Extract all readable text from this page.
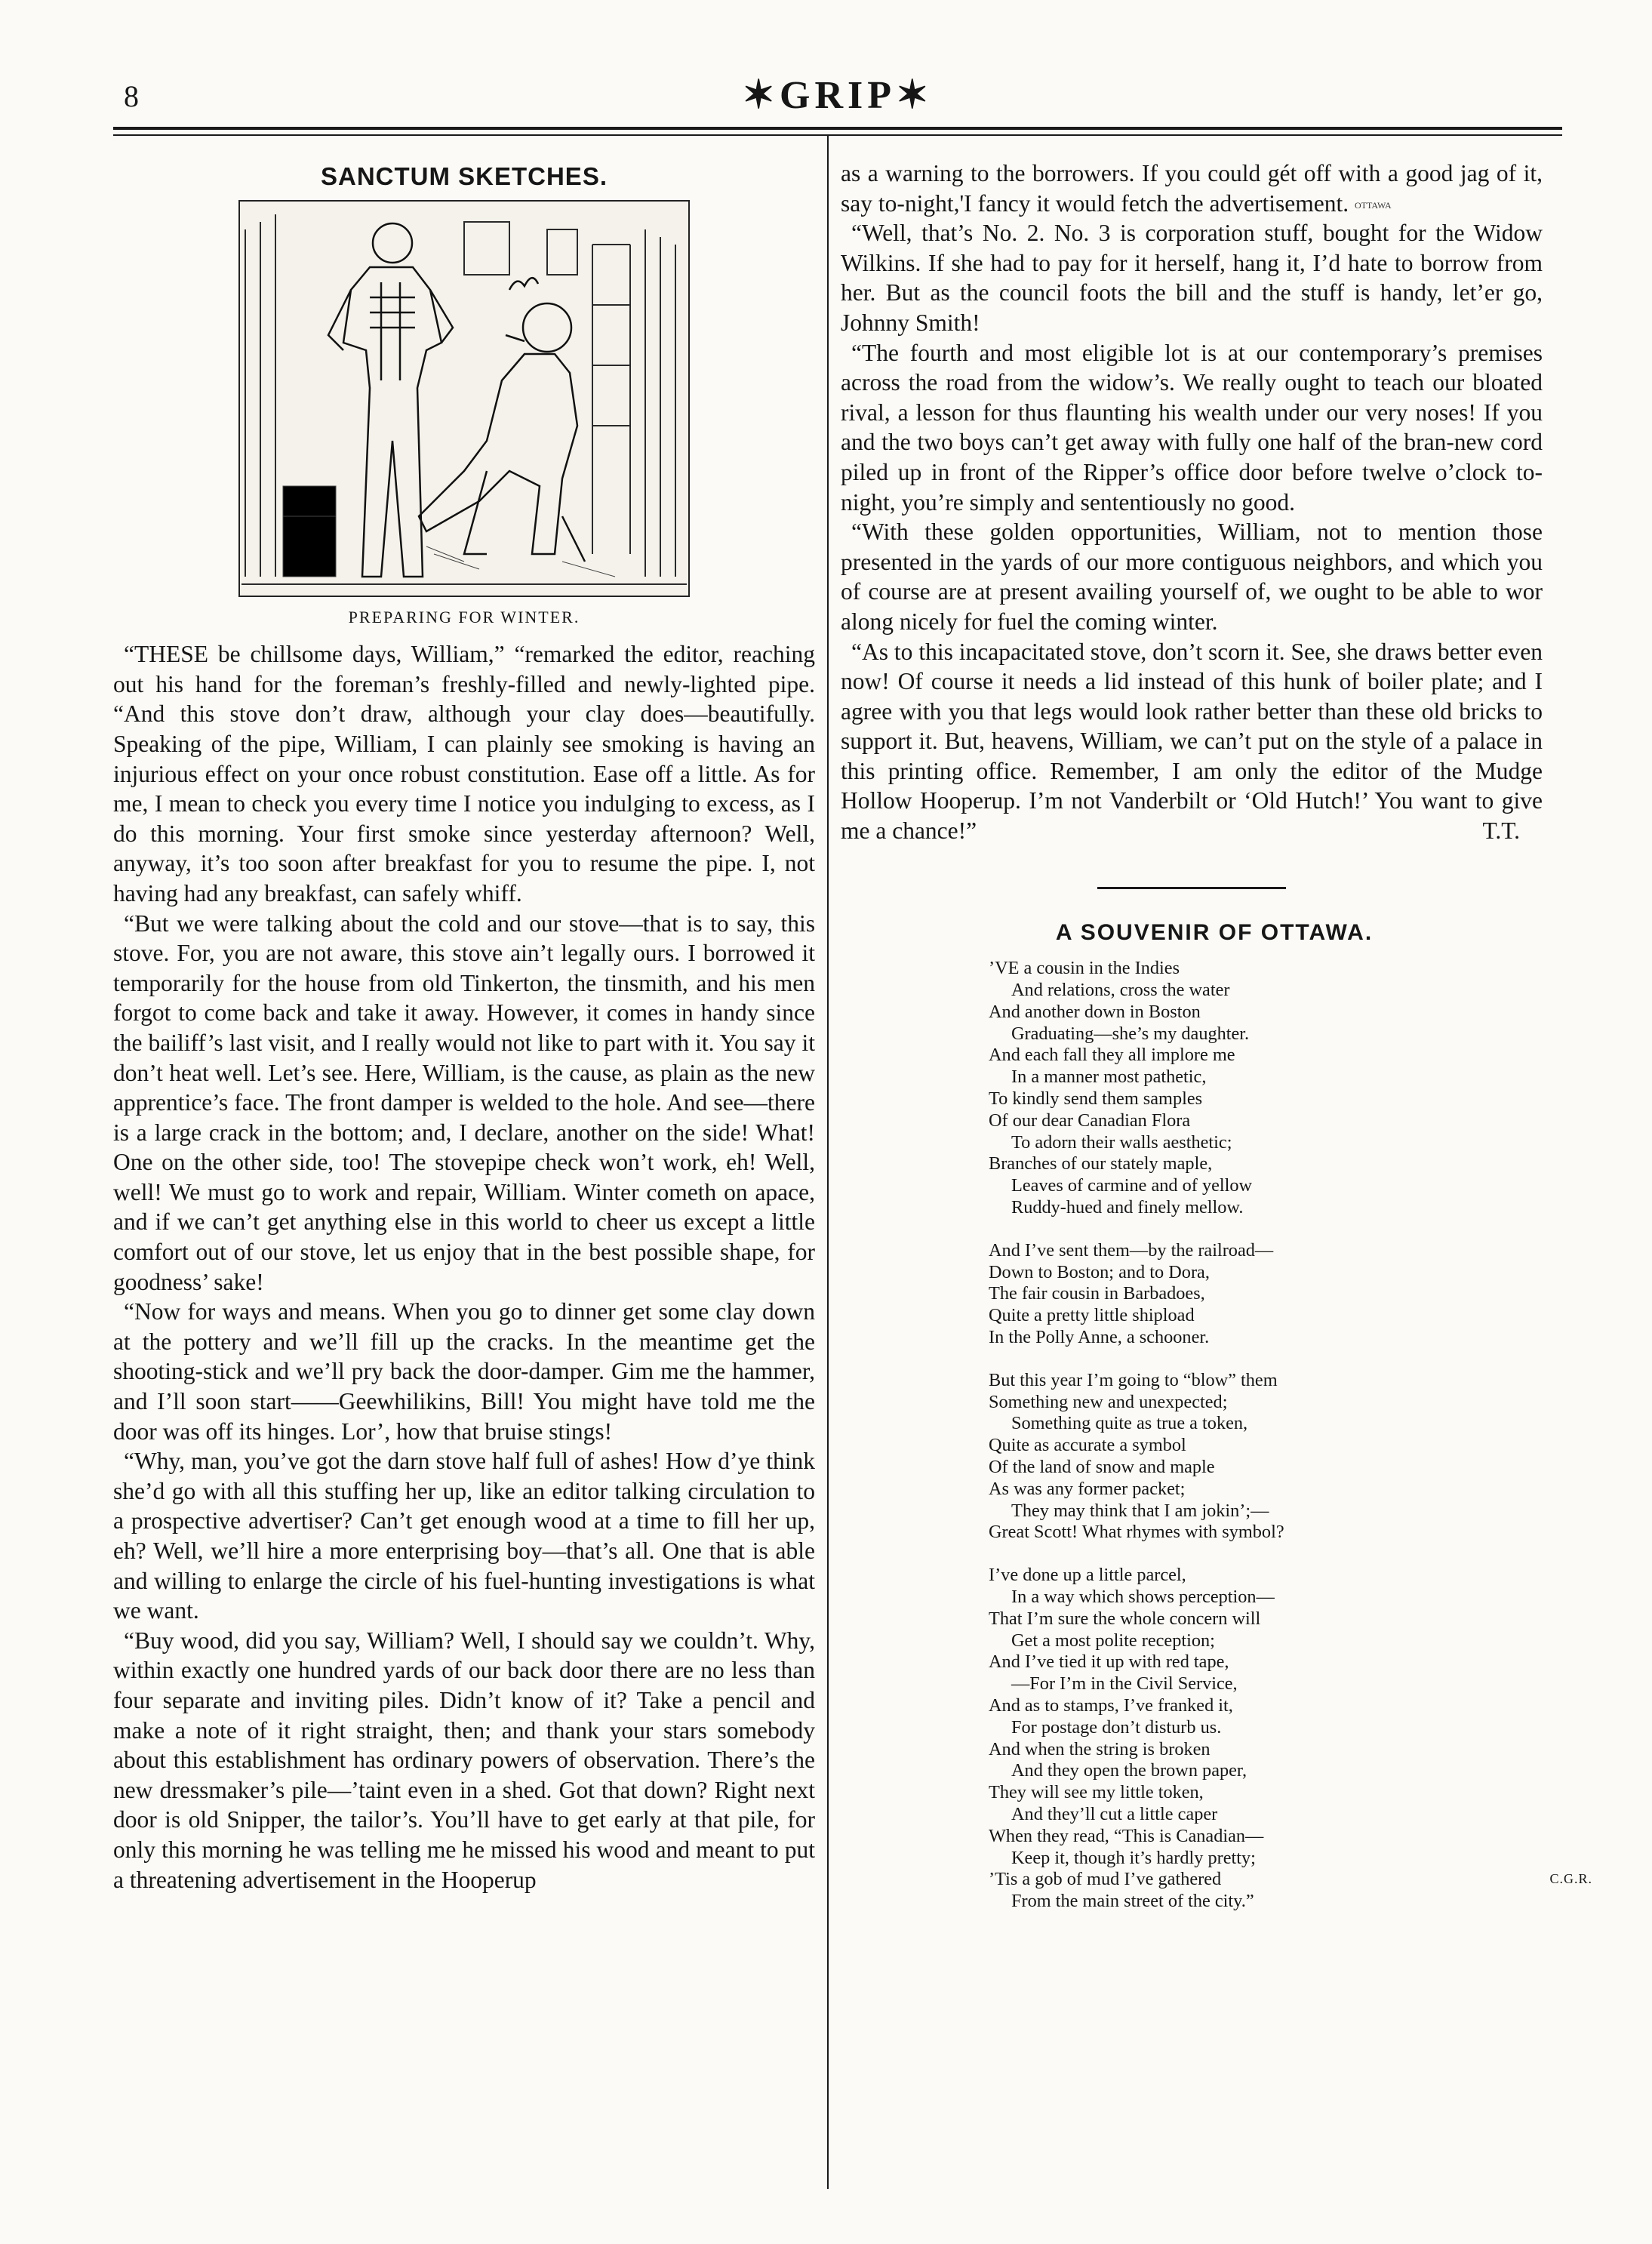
8	✶GRIP✶
SANCTUM SKETCHES.
PREPARING FOR WINTER.

“THESE be chillsome days, William,” “remarked the editor, reaching out his hand for the foreman’s freshly-filled and newly-lighted pipe. “And this stove don’t draw, although your clay does—beautifully. Speaking of the pipe, William, I can plainly see smoking is having an injurious effect on your once robust constitution. Ease off a little. As for me, I mean to check you every time I notice you indulging to excess, as I do this morning. Your first smoke since yesterday afternoon? Well, anyway, it’s too soon after breakfast for you to resume the pipe. I, not having had any breakfast, can safely whiff.

“But we were talking about the cold and our stove—that is to say, this stove. For, you are not aware, this stove ain’t legally ours. I borrowed it temporarily for the house from old Tinkerton, the tinsmith, and his men forgot to come back and take it away. However, it comes in handy since the bailiff’s last visit, and I really would not like to part with it. You say it don’t heat well. Let’s see. Here, William, is the cause, as plain as the new apprentice’s face. The front damper is welded to the hole. And see—there is a large crack in the bottom; and, I declare, another on the side! What! One on the other side, too! The stovepipe check won’t work, eh! Well, well! We must go to work and repair, William. Winter cometh on apace, and if we can’t get anything else in this world to cheer us except a little comfort out of our stove, let us enjoy that in the best possible shape, for goodness’ sake!

“Now for ways and means. When you go to dinner get some clay down at the pottery and we’ll fill up the cracks. In the meantime get the shooting-stick and we’ll pry back the door-damper. Gim me the hammer, and I’ll soon start——Geewhilikins, Bill! You might have told me the door was off its hinges. Lor’, how that bruise stings!

“Why, man, you’ve got the darn stove half full of ashes! How d’ye think she’d go with all this stuffing her up, like an editor talking circulation to a prospective advertiser? Can’t get enough wood at a time to fill her up, eh? Well, we’ll hire a more enterprising boy—that’s all. One that is able and willing to enlarge the circle of his fuel-hunting investigations is what we want.

“Buy wood, did you say, William? Well, I should say we couldn’t. Why, within exactly one hundred yards of our back door there are no less than four separate and inviting piles. Didn’t know of it? Take a pencil and make a note of it right straight, then; and thank your stars somebody about this establishment has ordinary powers of observation. There’s the new dressmaker’s pile—’taint even in a shed. Got that down? Right next door is old Snipper, the tailor’s. You’ll have to get early at that pile, for only this morning he was telling me he missed his wood and meant to put a threatening advertisement in the Hooperup

as a warning to the borrowers. If you could gét off with a good jag of it, say to-night,'I fancy it would fetch the advertisement. OTTAWA

“Well, that’s No. 2. No. 3 is corporation stuff, bought for the Widow Wilkins. If she had to pay for it herself, hang it, I’d hate to borrow from her. But as the council foots the bill and the stuff is handy, let’er go, Johnny Smith!

“The fourth and most eligible lot is at our contemporary’s premises across the road from the widow’s. We really ought to teach our bloated rival, a lesson for thus flaunting his wealth under our very noses! If you and the two boys can’t get away with fully one half of the bran-new cord piled up in front of the Ripper’s office door before twelve o’clock to-night, you’re simply and sententiously no good.

“With these golden opportunities, William, not to mention those presented in the yards of our more contiguous neighbors, and which you of course are at present availing yourself of, we ought to be able to wor along nicely for fuel the coming winter.

“As to this incapacitated stove, don’t scorn it. See, she draws better even now! Of course it needs a lid instead of this hunk of boiler plate; and I agree with you that legs would look rather better than these old bricks to support it. But, heavens, William, we can’t put on the style of a palace in this printing office. Remember, I am only the editor of the Mudge Hollow Hooperup. I’m not Vanderbilt or ‘Old Hutch!’ You want to give me a chance!”	T.T.

A SOUVENIR OF OTTAWA.
’VE a cousin in the Indies
And relations, cross the water
And another down in Boston
Graduating—she’s my daughter.
And each fall they all implore me
In a manner most pathetic,
To kindly send them samples
Of our dear Canadian Flora
To adorn their walls aesthetic;
Branches of our stately maple,
Leaves of carmine and of yellow
Ruddy-hued and finely mellow.
And I’ve sent them—by the railroad—
Down to Boston; and to Dora,
The fair cousin in Barbadoes,
Quite a pretty little shipload
In the Polly Anne, a schooner.
But this year I’m going to “blow” them
Something new and unexpected;
Something quite as true a token,
Quite as accurate a symbol
Of the land of snow and maple
As was any former packet;
They may think that I am jokin’;—
Great Scott! What rhymes with symbol?
I’ve done up a little parcel,
In a way which shows perception—
That I’m sure the whole concern will
Get a most polite reception;
And I’ve tied it up with red tape,
—For I’m in the Civil Service,
And as to stamps, I’ve franked it,
For postage don’t disturb us.
And when the string is broken
And they open the brown paper,
They will see my little token,
And they’ll cut a little caper
When they read, “This is Canadian—
Keep it, though it’s hardly pretty;
’Tis a gob of mud I’ve gathered
From the main street of the city.”
C.G.R.
